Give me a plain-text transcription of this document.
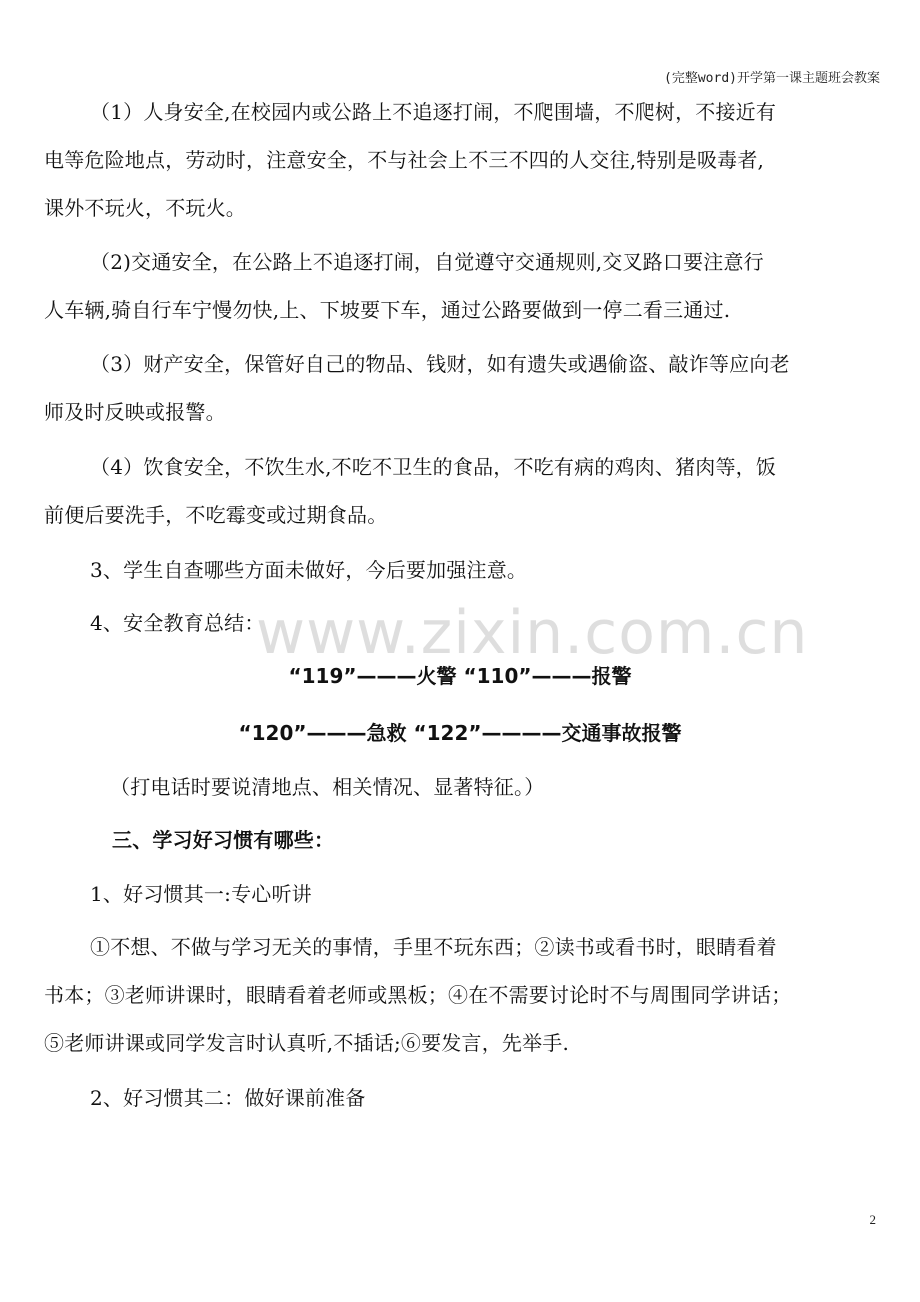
(完整word)开学第一课主题班会教案
www.zixin.com.cn
（1）人身安全,在校园内或公路上不追逐打闹，不爬围墙，不爬树，不接近有
电等危险地点，劳动时，注意安全，不与社会上不三不四的人交往,特别是吸毒者,
课外不玩火，不玩火。
（2)交通安全，在公路上不追逐打闹，自觉遵守交通规则,交叉路口要注意行
人车辆,骑自行车宁慢勿快,上、下坡要下车，通过公路要做到一停二看三通过.
（3）财产安全，保管好自己的物品、钱财，如有遗失或遇偷盗、敲诈等应向老
师及时反映或报警。
（4）饮食安全，不饮生水,不吃不卫生的食品，不吃有病的鸡肉、猪肉等，饭
前便后要洗手，不吃霉变或过期食品。
3、学生自查哪些方面未做好，今后要加强注意。
4、安全教育总结：
“119”———火警 “110”———报警
“120”———急救 “122”————交通事故报警
（打电话时要说清地点、相关情况、显著特征。）
三、学习好习惯有哪些：
1、好习惯其一:专心听讲
①不想、不做与学习无关的事情，手里不玩东西；②读书或看书时，眼睛看着
书本；③老师讲课时，眼睛看着老师或黑板；④在不需要讨论时不与周围同学讲话；
⑤老师讲课或同学发言时认真听,不插话;⑥要发言，先举手.
2、好习惯其二：做好课前准备
2
